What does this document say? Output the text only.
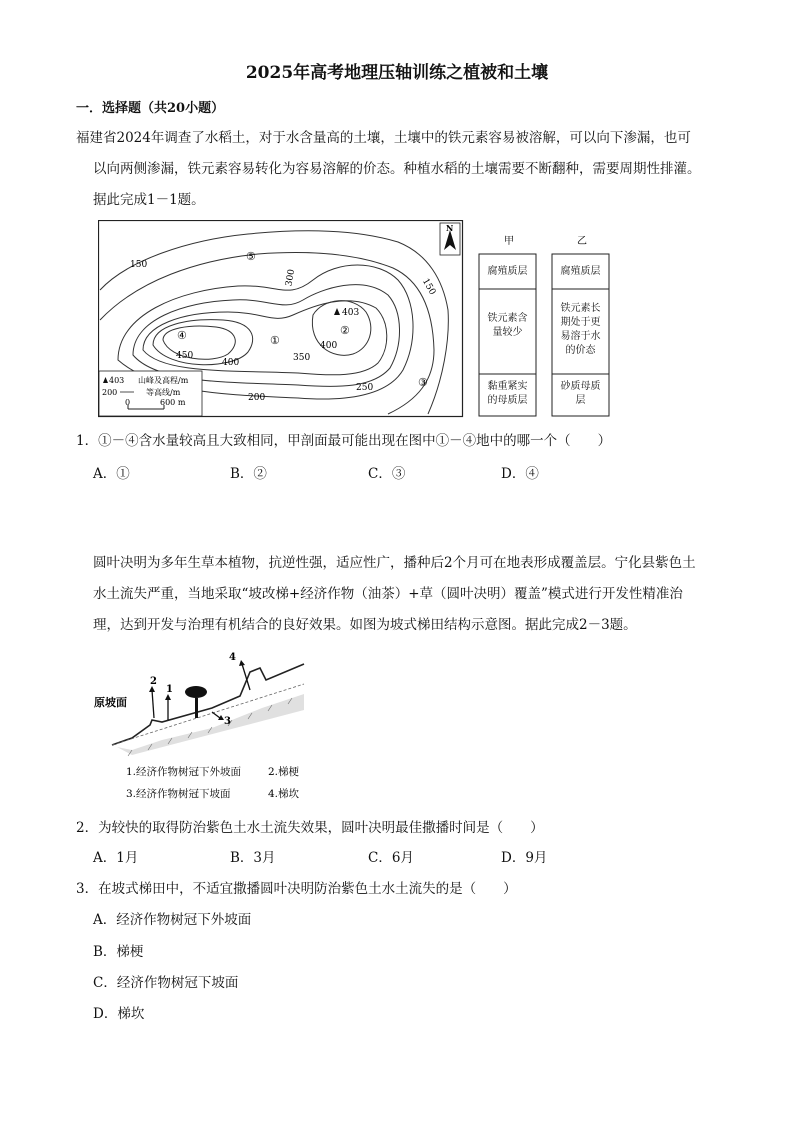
2025年高考地理压轴训练之植被和土壤
一．选择题（共20小题）

福建省2024年调查了水稻土，对于水含量高的土壤，土壤中的铁元素容易被溶解，可以向下渗漏，也可

以向两侧渗漏，铁元素容易转化为容易溶解的价态。种植水稻的土壤需要不断翻种，需要周期性排灌。

据此完成1－1题。

150
300	150
450
400	350
400
250
200
403
①
②
③
④
⑤
N
403 山峰及高程/m
200	等高线/m
0	600 m
甲	乙
腐殖质层
铁元素含量较少
黏重紧实的母质层
腐殖质层
铁元素长期处于更易溶于水的价态
砂质母质层
1．①－④含水量较高且大致相同，甲剖面最可能出现在图中①－④地中的哪一个（　　）
A．①	B．②	C．③	D．④

圆叶决明为多年生草本植物，抗逆性强，适应性广，播种后2个月可在地表形成覆盖层。宁化县紫色土

水土流失严重，当地采取“坡改梯+经济作物（油茶）+草（圆叶决明）覆盖”模式进行开发性精准治

理，达到开发与治理有机结合的良好效果。如图为坡式梯田结构示意图。据此完成2－3题。

原坡面
1
2
3
4
1.经济作物树冠下外坡面	2.梯梗
3.经济作物树冠下坡面	4.梯坎
2．为较快的取得防治紫色土水土流失效果，圆叶决明最佳撒播时间是（　　）
A．1月	B．3月	C．6月	D．9月
3．在坡式梯田中，不适宜撒播圆叶决明防治紫色土水土流失的是（　　）
A．经济作物树冠下外坡面
B．梯梗
C．经济作物树冠下坡面
D．梯坎
